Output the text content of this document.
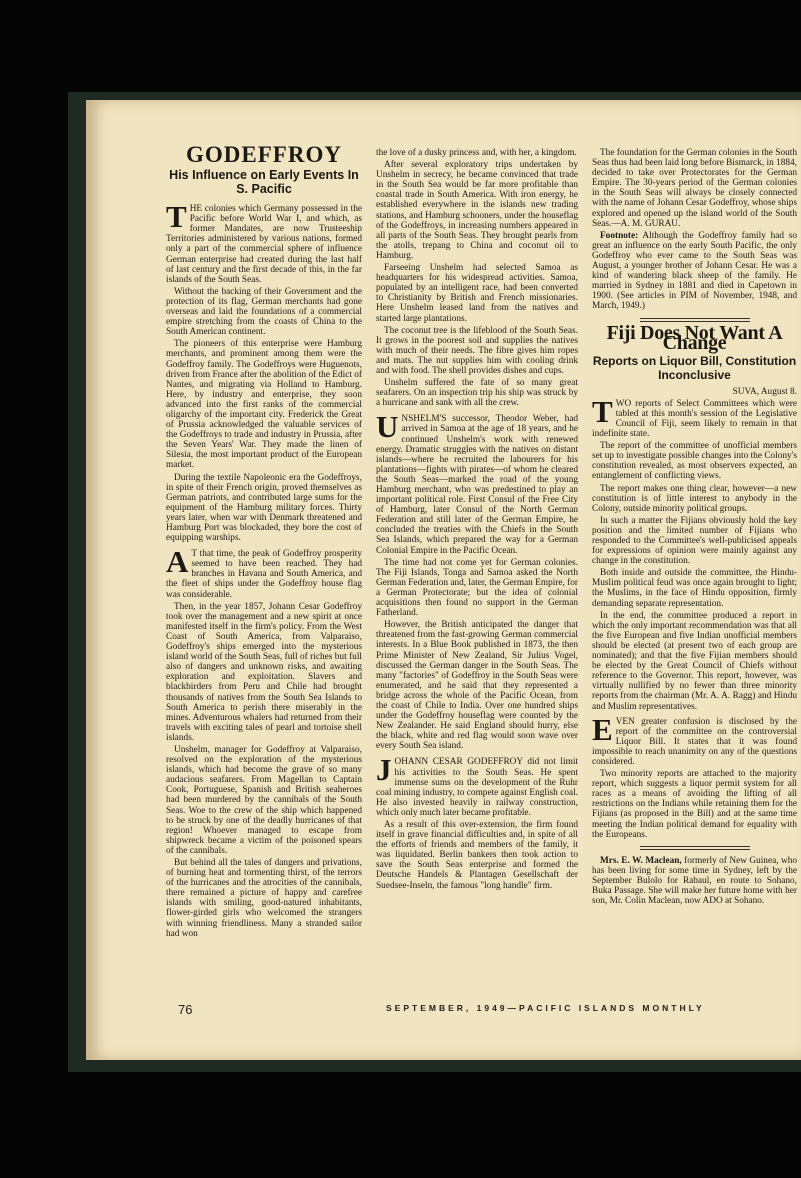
GODEFFROY
His Influence on Early Events In S. Pacific

THE colonies which Germany possessed in the Pacific before World War I, and which, as former Mandates, are now Trusteeship Territories administered by various nations, formed only a part of the commercial sphere of influence German enterprise had created during the last half of last century and the first decade of this, in the far islands of the South Seas.

Without the backing of their Government and the protection of its flag, German merchants had gone overseas and laid the foundations of a commercial empire stretching from the coasts of China to the South American continent.

The pioneers of this enterprise were Hamburg merchants, and prominent among them were the Godeffroy family. The Godeffroys were Huguenots, driven from France after the abolition of the Edict of Nantes, and migrating via Holland to Hamburg. Here, by industry and enterprise, they soon advanced into the first ranks of the commercial oligarchy of the important city. Frederick the Great of Prussia acknowledged the valuable services of the Godeffroys to trade and industry in Prussia, after the Seven Years' War. They made the linen of Silesia, the most important product of the European market.

During the textile Napoleonic era the Godeffroys, in spite of their French origin, proved themselves as German patriots, and contributed large sums for the equipment of the Hamburg military forces. Thirty years later, when war with Denmark threatened and Hamburg Port was blockaded, they bore the cost of equipping warships.

A T that time, the peak of Godeffroy prosperity seemed to have been reached. They had branches in Havana and South America, and the fleet of ships under the Godeffroy house flag was considerable.

Then, in the year 1857, Johann Cesar Godeffroy took over the management and a new spirit at once manifested itself in the firm's policy. From the West Coast of South America, from Valparaiso, Godeffroy's ships emerged into the mysterious island world of the South Seas, full of riches but full also of dangers and unknown risks, and awaiting exploration and exploitation. Slavers and blackbirders from Peru and Chile had brought thousands of natives from the South Sea Islands to South America to perish there miserably in the mines. Adventurous whalers had returned from their travels with exciting tales of pearl and tortoise shell islands.

Unshelm, manager for Godeffroy at Valparaiso, resolved on the exploration of the mysterious islands, which had become the grave of so many audacious seafarers. From Magellan to Captain Cook, Portuguese, Spanish and British seaheroes had been murdered by the cannibals of the South Seas. Woe to the crew of the ship which happened to be struck by one of the deadly hurricanes of that region! Whoever managed to escape from shipwreck became a victim of the poisoned spears of the cannibals.

But behind all the tales of dangers and privations, of burning heat and tormenting thirst, of the terrors of the hurricanes and the atrocities of the cannibals, there remained a picture of happy and carefree islands with smiling, good-natured inhabitants, flower-girded girls who welcomed the strangers with winning friendliness. Many a stranded sailor had won

the love of a dusky princess and, with her, a kingdom.

After several exploratory trips undertaken by Unshelm in secrecy, he became convinced that trade in the South Sea would be far more profitable than coastal trade in South America. With iron energy, he established everywhere in the islands new trading stations, and Hamburg schooners, under the houseflag of the Godeffroys, in increasing numbers appeared in all parts of the South Seas. They brought pearls from the atolls, trepang to China and coconut oil to Hamburg.

Farseeing Unshelm had selected Samoa as headquarters for his widespread activities. Samoa, populated by an intelligent race, had been converted to Christianity by British and French missionaries. Here Unshelm leased land from the natives and started large plantations.

The coconut tree is the lifeblood of the South Seas. It grows in the poorest soil and supplies the natives with much of their needs. The fibre gives him ropes and mats. The nut supplies him with cooling drink and with food. The shell provides dishes and cups.

Unshelm suffered the fate of so many great seafarers. On an inspection trip his ship was struck by a hurricane and sank with all the crew.

UNSHELM'S successor, Theodor Weber, had arrived in Samoa at the age of 18 years, and he continued Unshelm's work with renewed energy. Dramatic struggles with the natives on distant islands—where he recruited the labourers for his plantations—fights with pirates—of whom he cleared the South Seas—marked the road of the young Hamburg merchant, who was predestined to play an important political role. First Consul of the Free City of Hamburg, later Consul of the North German Federation and still later of the German Empire, he concluded the treaties with the Chiefs in the South Sea Islands, which prepared the way for a German Colonial Empire in the Pacific Ocean.

The time had not come yet for German colonies. The Fiji Islands, Tonga and Samoa asked the North German Federation and, later, the German Empire, for a German Protectorate; but the idea of colonial acquisitions then found no support in the German Fatherland.

However, the British anticipated the danger that threatened from the fast-growing German commercial interests. In a Blue Book published in 1873, the then Prime Minister of New Zealand, Sir Julius Vogel, discussed the German danger in the South Seas. The many "factories" of Godeffroy in the South Seas were enumerated, and he said that they represented a bridge across the whole of the Pacific Ocean, from the coast of Chile to India. Over one hundred ships under the Godeffroy houseflag were counted by the New Zealander. He said England should hurry, else the black, white and red flag would soon wave over every South Sea island.

JOHANN CESAR GODEFFROY did not limit his activities to the South Seas. He spent immense sums on the development of the Ruhr coal mining industry, to compete against English coal. He also invested heavily in railway construction, which only much later became profitable.

As a result of this over-extension, the firm found itself in grave financial difficulties and, in spite of all the efforts of friends and members of the family, it was liquidated. Berlin bankers then took action to save the South Seas enterprise and formed the Deutsche Handels & Plantagen Gesellschaft der Suedsee-Inseln, the famous "long handle" firm.

The foundation for the German colonies in the South Seas thus had been laid long before Bismarck, in 1884, decided to take over Protectorates for the German Empire. The 30-years period of the German colonies in the South Seas will always be closely connected with the name of Johann Cesar Godeffroy, whose ships explored and opened up the island world of the South Seas.—A. M. GURAU.

Footnote: Although the Godeffroy family had so great an influence on the early South Pacific, the only Godeffroy who ever came to the South Seas was August, a younger brother of Johann Cesar. He was a kind of wandering black sheep of the family. He married in Sydney in 1881 and died in Capetown in 1900. (See articles in PIM of November, 1948, and March, 1949.)

Fiji Does Not Want A Change
Reports on Liquor Bill, Constitution Inconclusive

SUVA, August 8.

TWO reports of Select Committees which were tabled at this month's session of the Legislative Council of Fiji, seem likely to remain in that indefinite state.

The report of the committee of unofficial members set up to investigate possible changes into the Colony's constitution revealed, as most observers expected, an entanglement of conflicting views.

The report makes one thing clear, however—a new constitution is of little interest to anybody in the Colony, outside minority political groups.

In such a matter the Fijians obviously hold the key position and the limited number of Fijians who responded to the Committee's well-publicised appeals for expressions of opinion were mainly against any change in the constitution.

Both inside and outside the committee, the Hindu-Muslim political feud was once again brought to light; the Muslims, in the face of Hindu opposition, firmly demanding separate representation.

In the end, the committee produced a report in which the only important recommendation was that all the five European and five Indian unofficial members should be elected (at present two of each group are nominated); and that the five Fijian members should be elected by the Great Council of Chiefs without reference to the Governor. This report, however, was virtually nullified by no fewer than three minority reports from the chairman (Mr. A. A. Ragg) and Hindu and Muslim representatives.

EVEN greater confusion is disclosed by the report of the committee on the controversial Liquor Bill. It states that it was found impossible to reach unanimity on any of the questions considered.

Two minority reports are attached to the majority report, which suggests a liquor permit system for all races as a means of avoiding the lifting of all restrictions on the Indians while retaining them for the Fijians (as proposed in the Bill) and at the same time meeting the Indian political demand for equality with the Europeans.

Mrs. E. W. Maclean, formerly of New Guinea, who has been living for some time in Sydney, left by the September Bulolo for Rabaul, en route to Sohano, Buka Passage. She will make her future home with her son, Mr. Colin Maclean, now ADO at Sohano.

76	SEPTEMBER, 1949—PACIFIC ISLANDS MONTHLY
